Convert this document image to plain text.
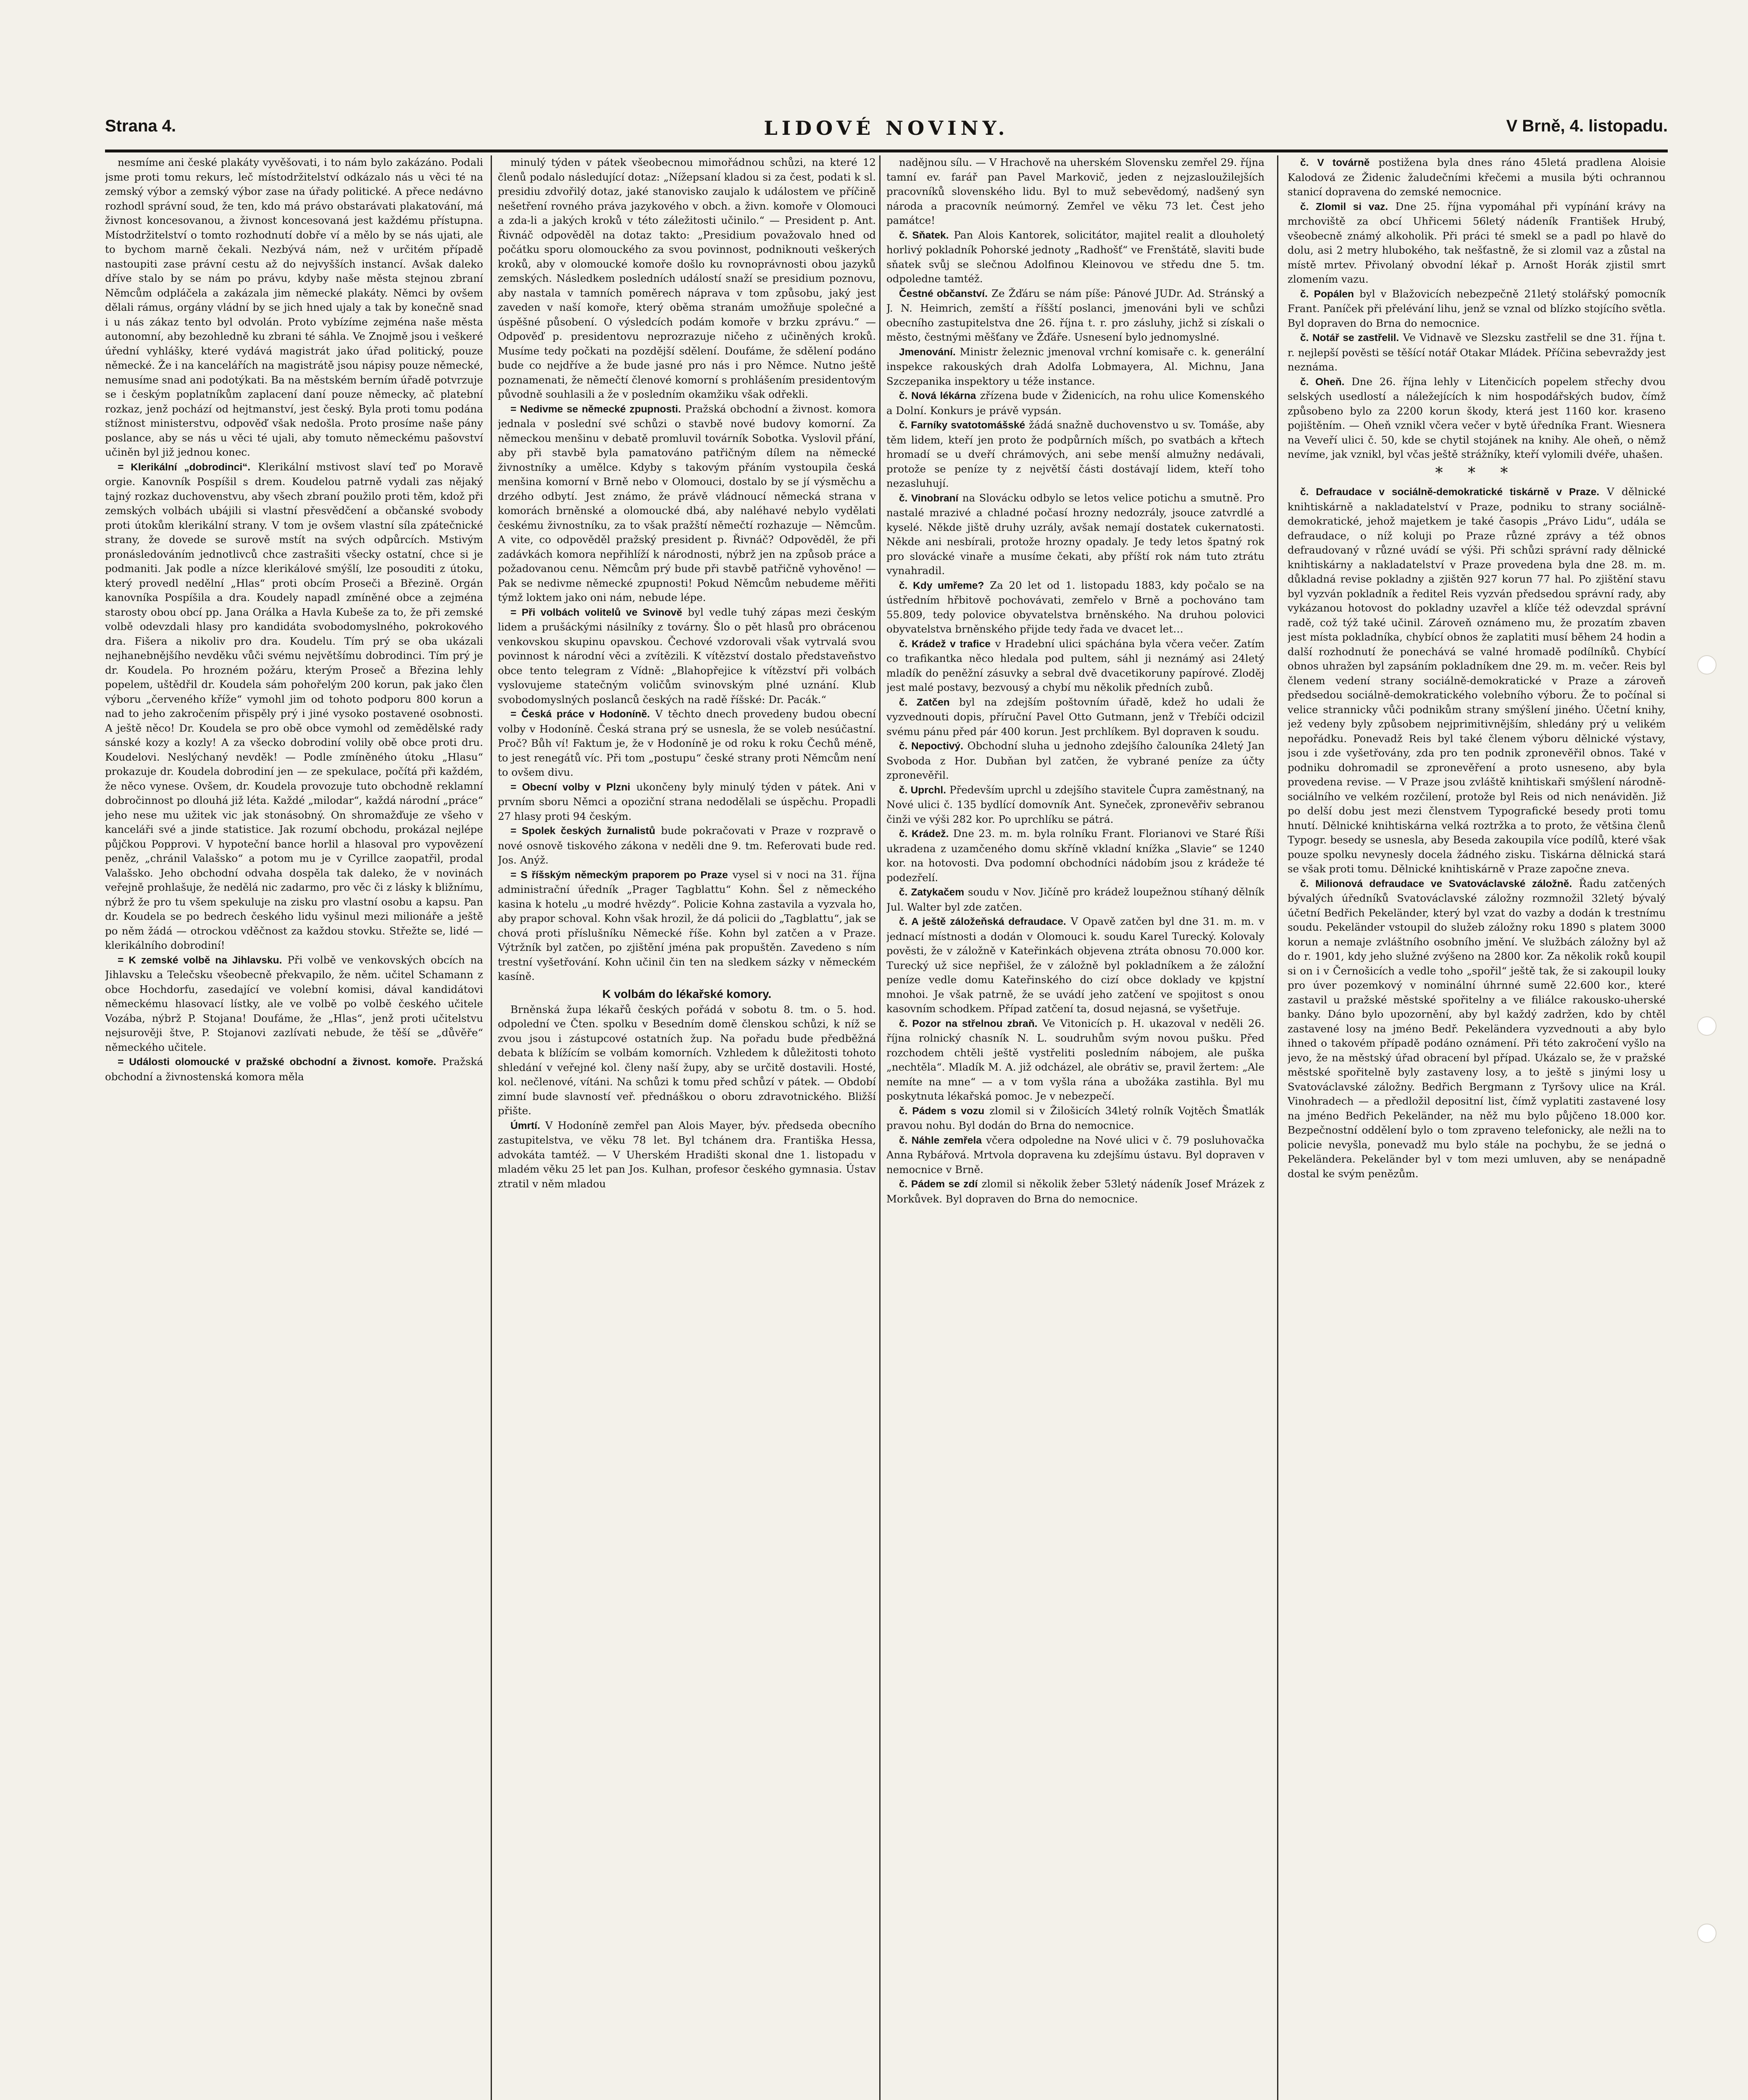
Strana 4.	LIDOVÉ NOVINY.	V Brně, 4. listopadu.

nesmíme ani české plakáty vyvěšovati, i to nám bylo zakázáno. Podali jsme proti tomu rekurs, leč místodržitelství odkázalo nás u věci té na zemský výbor a zemský výbor zase na úřady politické. A přece nedávno rozhodl správní soud, že ten, kdo má právo obstarávati plakatování, má živnost koncesovanou, a živnost koncesovaná jest každému přístupna. Místodržitelství o tomto rozhodnutí dobře ví a mělo by se nás ujati, ale to bychom marně čekali. Nezbývá nám, než v určitém případě nastoupiti zase právní cestu až do nejvyšších instancí. Avšak daleko dříve stalo by se nám po právu, kdyby naše města stejnou zbraní Němcům odpláčela a zakázala jim německé plakáty. Němci by ovšem dělali rámus, orgány vládní by se jich hned ujaly a tak by konečně snad i u nás zákaz tento byl odvolán. Proto vybízíme zejména naše města autonomní, aby bezohledně ku zbrani té sáhla. Ve Znojmě jsou i veškeré úřední vyhlášky, které vydává magistrát jako úřad politický, pouze německé. Že i na kancelářích na magistrátě jsou nápisy pouze německé, nemusíme snad ani podotýkati. Ba na městském berním úřadě potvrzuje se i českým poplatníkům zaplacení daní pouze německy, ač platební rozkaz, jenž pochází od hejtmanství, jest český. Byla proti tomu podána stížnost ministerstvu, odpověď však nedošla. Proto prosíme naše pány poslance, aby se nás u věci té ujali, aby tomuto německému pašovství učiněn byl již jednou konec.

= Klerikální „dobrodinci“. Klerikální mstivost slaví teď po Moravě orgie. Kanovník Pospíšil s drem. Koudelou patrně vydali zas nějaký tajný rozkaz duchovenstvu, aby všech zbraní použilo proti těm, kdož při zemských volbách ubájili si vlastní přesvědčení a občanské svobody proti útokům klerikální strany. V tom je ovšem vlastní síla zpátečnické strany, že dovede se surově mstít na svých odpůrcích. Mstivým pronásledováním jednotlivců chce zastrašiti všecky ostatní, chce si je podmaniti. Jak podle a nízce klerikálové smýšlí, lze posouditi z útoku, který provedl nedělní „Hlas“ proti obcím Proseči a Březině. Orgán kanovníka Pospíšila a dra. Koudely napadl zmíněné obce a zejména starosty obou obcí pp. Jana Orálka a Havla Kubeše za to, že při zemské volbě odevzdali hlasy pro kandidáta svobodomyslného, pokrokového dra. Fišera a nikoliv pro dra. Koudelu. Tím prý se oba ukázali nejhanebnějšího nevděku vůči svému největšímu dobrodinci. Tím prý je dr. Koudela. Po hrozném požáru, kterým Proseč a Březina lehly popelem, uštědřil dr. Koudela sám pohořelým 200 korun, pak jako člen výboru „červeného kříže“ vymohl jim od tohoto podporu 800 korun a nad to jeho zakročením přispěly prý i jiné vysoko postavené osobnosti. A ještě něco! Dr. Koudela se pro obě obce vymohl od zemědělské rady sánské kozy a kozly! A za všecko dobrodiní volily obě obce proti dru. Koudelovi. Neslýchaný nevděk! — Podle zmíněného útoku „Hlasu“ prokazuje dr. Koudela dobrodiní jen — ze spekulace, počítá při každém, že něco vynese. Ovšem, dr. Koudela provozuje tuto obchodně reklamní dobročinnost po dlouhá již léta. Každé „milodar“, každá národní „práce“ jeho nese mu užitek vic jak stonásobný. On shromažďuje ze všeho v kanceláři své a jinde statistice. Jak rozumí obchodu, prokázal nejlépe půjčkou Popprovi. V hypoteční bance horlil a hlasoval pro vypovězení peněz, „chránil Valašsko“ a potom mu je v Cyrillce zaopatřil, prodal Valašsko. Jeho obchodní odvaha dospěla tak daleko, že v novinách veřejně prohlašuje, že nedělá nic zadarmo, pro věc či z lásky k bližnímu, nýbrž že pro tu všem spekuluje na zisku pro vlastní osobu a kapsu. Pan dr. Koudela se po bedrech českého lidu vyšinul mezi milionáře a ještě po něm žádá — otrockou vděčnost za každou stovku. Střežte se, lidé — klerikálního dobrodiní!

= K zemské volbě na Jihlavsku. Při volbě ve venkovských obcích na Jihlavsku a Telečsku všeobecně překvapilo, že něm. učitel Schamann z obce Hochdorfu, zasedající ve volební komisi, dával kandidátovi německému hlasovací lístky, ale ve volbě po volbě českého učitele Vozába, nýbrž P. Stojana! Doufáme, že „Hlas“, jenž proti učitelstvu nejsurověji štve, P. Stojanovi zazlívati nebude, že těší se „důvěře“ německého učitele.

= Události olomoucké v pražské obchodní a živnost. komoře. Pražská obchodní a živnostenská komora měla

minulý týden v pátek všeobecnou mimořádnou schůzi, na které 12 členů podalo následující dotaz: „Nížepsaní kladou si za čest, podati k sl. presidiu zdvořilý dotaz, jaké stanovisko zaujalo k událostem ve příčině nešetření rovného práva jazykového v obch. a živn. komoře v Olomouci a zda-li a jakých kroků v této záležitosti učinilo.“ — President p. Ant. Řivnáč odpověděl na dotaz takto: „Presidium považovalo hned od počátku sporu olomouckého za svou povinnost, podniknouti veškerých kroků, aby v olomoucké komoře došlo ku rovnoprávnosti obou jazyků zemských. Následkem posledních událostí snaží se presidium poznovu, aby nastala v tamních poměrech náprava v tom způsobu, jaký jest zaveden v naší komoře, který oběma stranám umožňuje společné a úspěšné působení. O výsledcích podám komoře v brzku zprávu.“ — Odpověď p. presidentovu neprozrazuje ničeho z učiněných kroků. Musíme tedy počkati na pozdější sdělení. Doufáme, že sdělení podáno bude co nejdříve a že bude jasné pro nás i pro Němce. Nutno ještě poznamenati, že němečtí členové komorní s prohlášením presidentovým původně souhlasili a že v posledním okamžiku však odřekli.

= Nedivme se německé zpupnosti. Pražská obchodní a živnost. komora jednala v poslední své schůzi o stavbě nové budovy komorní. Za německou menšinu v debatě promluvil továrník Sobotka. Vyslovil přání, aby při stavbě byla pamatováno patřičným dílem na německé živnostníky a umělce. Kdyby s takovým přáním vystoupila česká menšina komorní v Brně nebo v Olomouci, dostalo by se jí výsměchu a drzého odbytí. Jest známo, že právě vládnoucí německá strana v komorách brněnské a olomoucké dbá, aby naléhavé nebylo vydělati českému živnostníku, za to však pražští němečtí rozhazuje — Němcům. A vite, co odpověděl pražský president p. Řivnáč? Odpověděl, že při zadávkách komora nepřihlíží k národnosti, nýbrž jen na způsob práce a požadovanou cenu. Němcům prý bude při stavbě patřičně vyhověno! — Pak se nedivme německé zpupnosti! Pokud Němcům nebudeme měřiti týmž loktem jako oni nám, nebude lépe.

= Při volbách volitelů ve Svinově byl vedle tuhý zápas mezi českým lidem a prušáckými násilníky z továrny. Šlo o pět hlasů pro obrácenou venkovskou skupinu opavskou. Čechové vzdorovali však vytrvalá svou povinnost k národní věci a zvítězili. K vítězství dostalo představeňstvo obce tento telegram z Vídně: „Blahopřejice k vítězství při volbách vyslovujeme statečným voličům svinovským plné uznání. Klub svobodomyslných poslanců českých na radě říšské: Dr. Pacák.“

= Česká práce v Hodoníně. V těchto dnech provedeny budou obecní volby v Hodoníně. Česká strana prý se usnesla, že se voleb nesúčastní. Proč? Bůh ví! Faktum je, že v Hodoníně je od roku k roku Čechů méně, to jest renegátů víc. Při tom „postupu“ české strany proti Němcům není to ovšem divu.

= Obecní volby v Plzni ukončeny byly minulý týden v pátek. Ani v prvním sboru Němci a opoziční strana nedodělali se úspěchu. Propadli 27 hlasy proti 94 českým.

= Spolek českých žurnalistů bude pokračovati v Praze v rozpravě o nové osnově tiskového zákona v neděli dne 9. tm. Referovati bude red. Jos. Anýž.

= S říšským německým praporem po Praze vysel si v noci na 31. října administrační úředník „Prager Tagblattu“ Kohn. Šel z německého kasina k hotelu „u modré hvězdy“. Policie Kohna zastavila a vyzvala ho, aby prapor schoval. Kohn však hrozil, že dá policii do „Tagblattu“, jak se chová proti příslušníku Německé říše. Kohn byl zatčen a v Praze. Výtržník byl zatčen, po zjištění jména pak propuštěn. Zavedeno s ním trestní vyšetřování. Kohn učinil čin ten na sledkem sázky v německém kasíně.

K volbám do lékařské komory.

Brněnská župa lékařů českých pořádá v sobotu 8. tm. o 5. hod. odpolední ve Čten. spolku v Besedním domě členskou schůzi, k níž se zvou jsou i zástupcové ostatních žup. Na pořadu bude předběžná debata k blížícím se volbám komorních. Vzhledem k důležitosti tohoto shledání v veřejné kol. členy naší župy, aby se určitě dostavili. Hosté, kol. nečlenové, vítáni. Na schůzi k tomu před schůzí v pátek. — Období zimní bude slavností veř. přednáškou o oboru zdravotnického. Bližší přište.

Úmrtí. V Hodoníně zemřel pan Alois Mayer, býv. předseda obecního zastupitelstva, ve věku 78 let. Byl tchánem dra. Františka Hessa, advokáta tamtéž. — V Uherském Hradišti skonal dne 1. listopadu v mladém věku 25 let pan Jos. Kulhan, profesor českého gymnasia. Ústav ztratil v něm mladou

nadějnou sílu. — V Hrachově na uherském Slovensku zemřel 29. října tamní ev. farář pan Pavel Markovič, jeden z nejzasloužilejších pracovníků slovenského lidu. Byl to muž sebevědomý, nadšený syn národa a pracovník neúmorný. Zemřel ve věku 73 let. Čest jeho památce!

č. Sňatek. Pan Alois Kantorek, solicitátor, majitel realit a dlouholetý horlivý pokladník Pohorské jednoty „Radhošť“ ve Frenštátě, slaviti bude sňatek svůj se slečnou Adolfinou Kleinovou ve středu dne 5. tm. odpoledne tamtéž.

Čestné občanství. Ze Žďáru se nám píše: Pánové JUDr. Ad. Stránský a J. N. Heimrich, zemští a říšští poslanci, jmenováni byli ve schůzi obecního zastupitelstva dne 26. října t. r. pro zásluhy, jichž si získali o město, čestnými měšťany ve Žďáře. Usnesení bylo jednomyslné.

Jmenování. Ministr železnic jmenoval vrchní komisaře c. k. generální inspekce rakouských drah Adolfa Lobmayera, Al. Michnu, Jana Szczepanika inspektory u téže instance.

č. Nová lékárna zřízena bude v Židenicích, na rohu ulice Komenského a Dolní. Konkurs je právě vypsán.

č. Farníky svatotomášské žádá snažně duchovenstvo u sv. Tomáše, aby těm lidem, kteří jen proto že podpůrních míšch, po svatbách a křtech hromadí se u dveří chrámových, ani sebe menší almužny nedávali, protože se peníze ty z největší části dostávají lidem, kteří toho nezasluhují.

č. Vinobraní na Slovácku odbylo se letos velice potichu a smutně. Pro nastalé mrazivé a chladné počasí hrozny nedozrály, jsouce zatvrdlé a kyselé. Někde jiště druhy uzrály, avšak nemají dostatek cukernatosti. Někde ani nesbírali, protože hrozny opadaly. Je tedy letos špatný rok pro slovácké vinaře a musíme čekati, aby příští rok nám tuto ztrátu vynahradil.

č. Kdy umřeme? Za 20 let od 1. listopadu 1883, kdy počalo se na ústředním hřbitově pochovávati, zemřelo v Brně a pochováno tam 55.809, tedy polovice obyvatelstva brněnského. Na druhou polovici obyvatelstva brněnského přijde tedy řada ve dvacet let…

č. Krádež v trafice v Hradební ulici spáchána byla včera večer. Zatím co trafikantka něco hledala pod pultem, sáhl ji neznámý asi 24letý mladík do peněžní zásuvky a sebral dvě dvacetikoruny papírové. Zloděj jest malé postavy, bezvousý a chybí mu několik předních zubů.

č. Zatčen byl na zdejším poštovním úřadě, kdež ho udali že vyzvednouti dopis, příruční Pavel Otto Gutmann, jenž v Třebíči odcizil svému pánu před pár 400 korun. Jest prchlíkem. Byl dopraven k soudu.

č. Nepoctivý. Obchodní sluha u jednoho zdejšího čalouníka 24letý Jan Svoboda z Hor. Dubňan byl zatčen, že vybrané peníze za účty zpronevěřil.

č. Uprchl. Především uprchl u zdejšího stavitele Čupra zaměstnaný, na Nové ulici č. 135 bydlící domovník Ant. Syneček, zpronevěřiv sebranou činži ve výši 282 kor. Po uprchlíku se pátrá.

č. Krádež. Dne 23. m. m. byla rolníku Frant. Florianovi ve Staré Říši ukradena z uzamčeného domu skříně vkladní knížka „Slavie“ se 1240 kor. na hotovosti. Dva podomní obchodníci nádobím jsou z krádeže té podezřelí.

č. Zatykačem soudu v Nov. Jičíně pro krádež loupežnou stíhaný dělník Jul. Walter byl zde zatčen.

č. A ještě záložeňská defraudace. V Opavě zatčen byl dne 31. m. m. v jednací místnosti a dodán v Olomouci k. soudu Karel Turecký. Kolovaly pověsti, že v záložně v Kateřinkách objevena ztráta obnosu 70.000 kor. Turecký už sice nepřišel, že v záložně byl pokladníkem a že záložní peníze vedle domu Kateřinského do cizí obce doklady ve kpjstní mnohoi. Je však patrně, že se uvádí jeho zatčení ve spojitost s onou kasovním schodkem. Případ zatčení ta, dosud nejasná, se vyšetřuje.

č. Pozor na střelnou zbraň. Ve Vitonicích p. H. ukazoval v neděli 26. října rolnický chasník N. L. soudruhům svým novou pušku. Před rozchodem chtěli ještě vystřeliti posledním nábojem, ale puška „nechtěla“. Mladík M. A. již odcházel, ale obrátiv se, pravil žertem: „Ale nemíte na mne“ — a v tom vyšla rána a ubožáka zastihla. Byl mu poskytnuta lékařská pomoc. Je v nebezpečí.

č. Pádem s vozu zlomil si v Žilošicích 34letý rolník Vojtěch Šmatlák pravou nohu. Byl dodán do Brna do nemocnice.

č. Náhle zemřela včera odpoledne na Nové ulici v č. 79 posluhovačka Anna Rybářová. Mrtvola dopravena ku zdejšímu ústavu. Byl dopraven v nemocnice v Brně.

č. Pádem se zdí zlomil si několik žeber 53letý nádeník Josef Mrázek z Morkůvek. Byl dopraven do Brna do nemocnice.

č. V továrně postižena byla dnes ráno 45letá pradlena Aloisie Kalodová ze Židenic žaludečními křečemi a musila býti ochrannou stanicí dopravena do zemské nemocnice.

č. Zlomil si vaz. Dne 25. října vypomáhal při vypínání krávy na mrchoviště za obcí Uhřicemi 56letý nádeník František Hrubý, všeobecně známý alkoholik. Při práci té smekl se a padl po hlavě do dolu, asi 2 metry hlubokého, tak nešťastně, že si zlomil vaz a zůstal na místě mrtev. Přivolaný obvodní lékař p. Arnošt Horák zjistil smrt zlomením vazu.

č. Popálen byl v Blažovicích nebezpečně 21letý stolářský pomocník Frant. Paníček při přelévání lihu, jenž se vznal od blízko stojícího světla. Byl dopraven do Brna do nemocnice.

č. Notář se zastřelil. Ve Vidnavě ve Slezsku zastřelil se dne 31. října t. r. nejlepší pověsti se těšící notář Otakar Mládek. Příčina sebevraždy jest neznáma.

č. Oheň. Dne 26. října lehly v Litenčicích popelem střechy dvou selských usedlostí a náležejících k nim hospodářských budov, čímž způsobeno bylo za 2200 korun škody, která jest 1160 kor. kraseno pojištěním. — Oheň vznikl včera večer v bytě úředníka Frant. Wiesnera na Veveří ulici č. 50, kde se chytil stojánek na knihy. Ale oheň, o němž nevíme, jak vznikl, byl včas ještě strážníky, kteří vylomili dvéře, uhašen.

* * *

č. Defraudace v sociálně-demokratické tiskárně v Praze. V dělnické knihtiskárně a nakladatelství v Praze, podniku to strany sociálně-demokratické, jehož majetkem je také časopis „Právo Lidu“, udála se defraudace, o níž koluji po Praze různé zprávy a též obnos defraudovaný v různé uvádí se výši. Při schůzi správní rady dělnické knihtiskárny a nakladatelství v Praze provedena byla dne 28. m. m. důkladná revise pokladny a zjištěn 927 korun 77 hal. Po zjištění stavu byl vyzván pokladník a ředitel Reis vyzván předsedou správní rady, aby vykázanou hotovost do pokladny uzavřel a klíče též odevzdal správní radě, což týž také učinil. Zároveň oznámeno mu, že prozatím zbaven jest místa pokladníka, chybící obnos že zaplatiti musí během 24 hodin a další rozhodnutí že ponechává se valné hromadě podílníků. Chybící obnos uhražen byl zapsáním pokladníkem dne 29. m. m. večer. Reis byl členem vedení strany sociálně-demokratické v Praze a zároveň předsedou sociálně-demokratického volebního výboru. Že to počínal si velice strannicky vůči podnikům strany smýšlení jiného. Účetní knihy, jež vedeny byly způsobem nejprimitivnějším, shledány prý u velikém nepořádku. Ponevadž Reis byl také členem výboru dělnické výstavy, jsou i zde vyšetřovány, zda pro ten podnik zpronevěřil obnos. Také v podniku dohromadil se zpronevěření a proto usneseno, aby byla provedena revise. — V Praze jsou zvláště knihtiskaři smýšlení národně-sociálního ve velkém rozčilení, protože byl Reis od nich nenáviděn. Již po delší dobu jest mezi členstvem Typografické besedy proti tomu hnutí. Dělnické knihtiskárna velká roztržka a to proto, že většina členů Typogr. besedy se usnesla, aby Beseda zakoupila více podílů, které však pouze spolku nevynesly docela žádného zisku. Tiskárna dělnická stará se však proti tomu. Dělnické knihtiskárně v Praze započne zneva.

č. Milionová defraudace ve Svatováclavské záložně. Řadu zatčených bývalých úředníků Svatováclavské záložny rozmnožil 32letý bývalý účetní Bedřich Pekeländer, který byl vzat do vazby a dodán k trestnímu soudu. Pekeländer vstoupil do služeb záložny roku 1890 s platem 3000 korun a nemaje zvláštního osobního jmění. Ve službách záložny byl až do r. 1901, kdy jeho služné zvýšeno na 2800 kor. Za několik roků koupil si on i v Černošicích a vedle toho „spořil“ ještě tak, že si zakoupil louky pro úver pozemkový v nominální úhrnné sumě 22.600 kor., které zastavil u pražské městské spořitelny a ve filiálce rakousko-uherské banky. Dáno bylo upozornění, aby byl každý zadržen, kdo by chtěl zastavené losy na jméno Bedř. Pekeländera vyzvednouti a aby bylo ihned o takovém případě podáno oznámení. Při této zakročení vyšlo na jevo, že na městský úřad obracení byl případ. Ukázalo se, že v pražské městské spořitelně byly zastaveny losy, a to ještě s jinými losy u Svatováclavské záložny. Bedřich Bergmann z Tyršovy ulice na Král. Vinohradech — a předložil depositní list, čímž vyplatiti zastavené losy na jméno Bedřich Pekeländer, na něž mu bylo půjčeno 18.000 kor. Bezpečnostní oddělení bylo o tom zpraveno telefonicky, ale nežli na to policie nevyšla, ponevadž mu bylo stále na pochybu, že se jedná o Pekeländera. Pekeländer byl v tom mezi umluven, aby se nenápadně dostal ke svým penězům.
